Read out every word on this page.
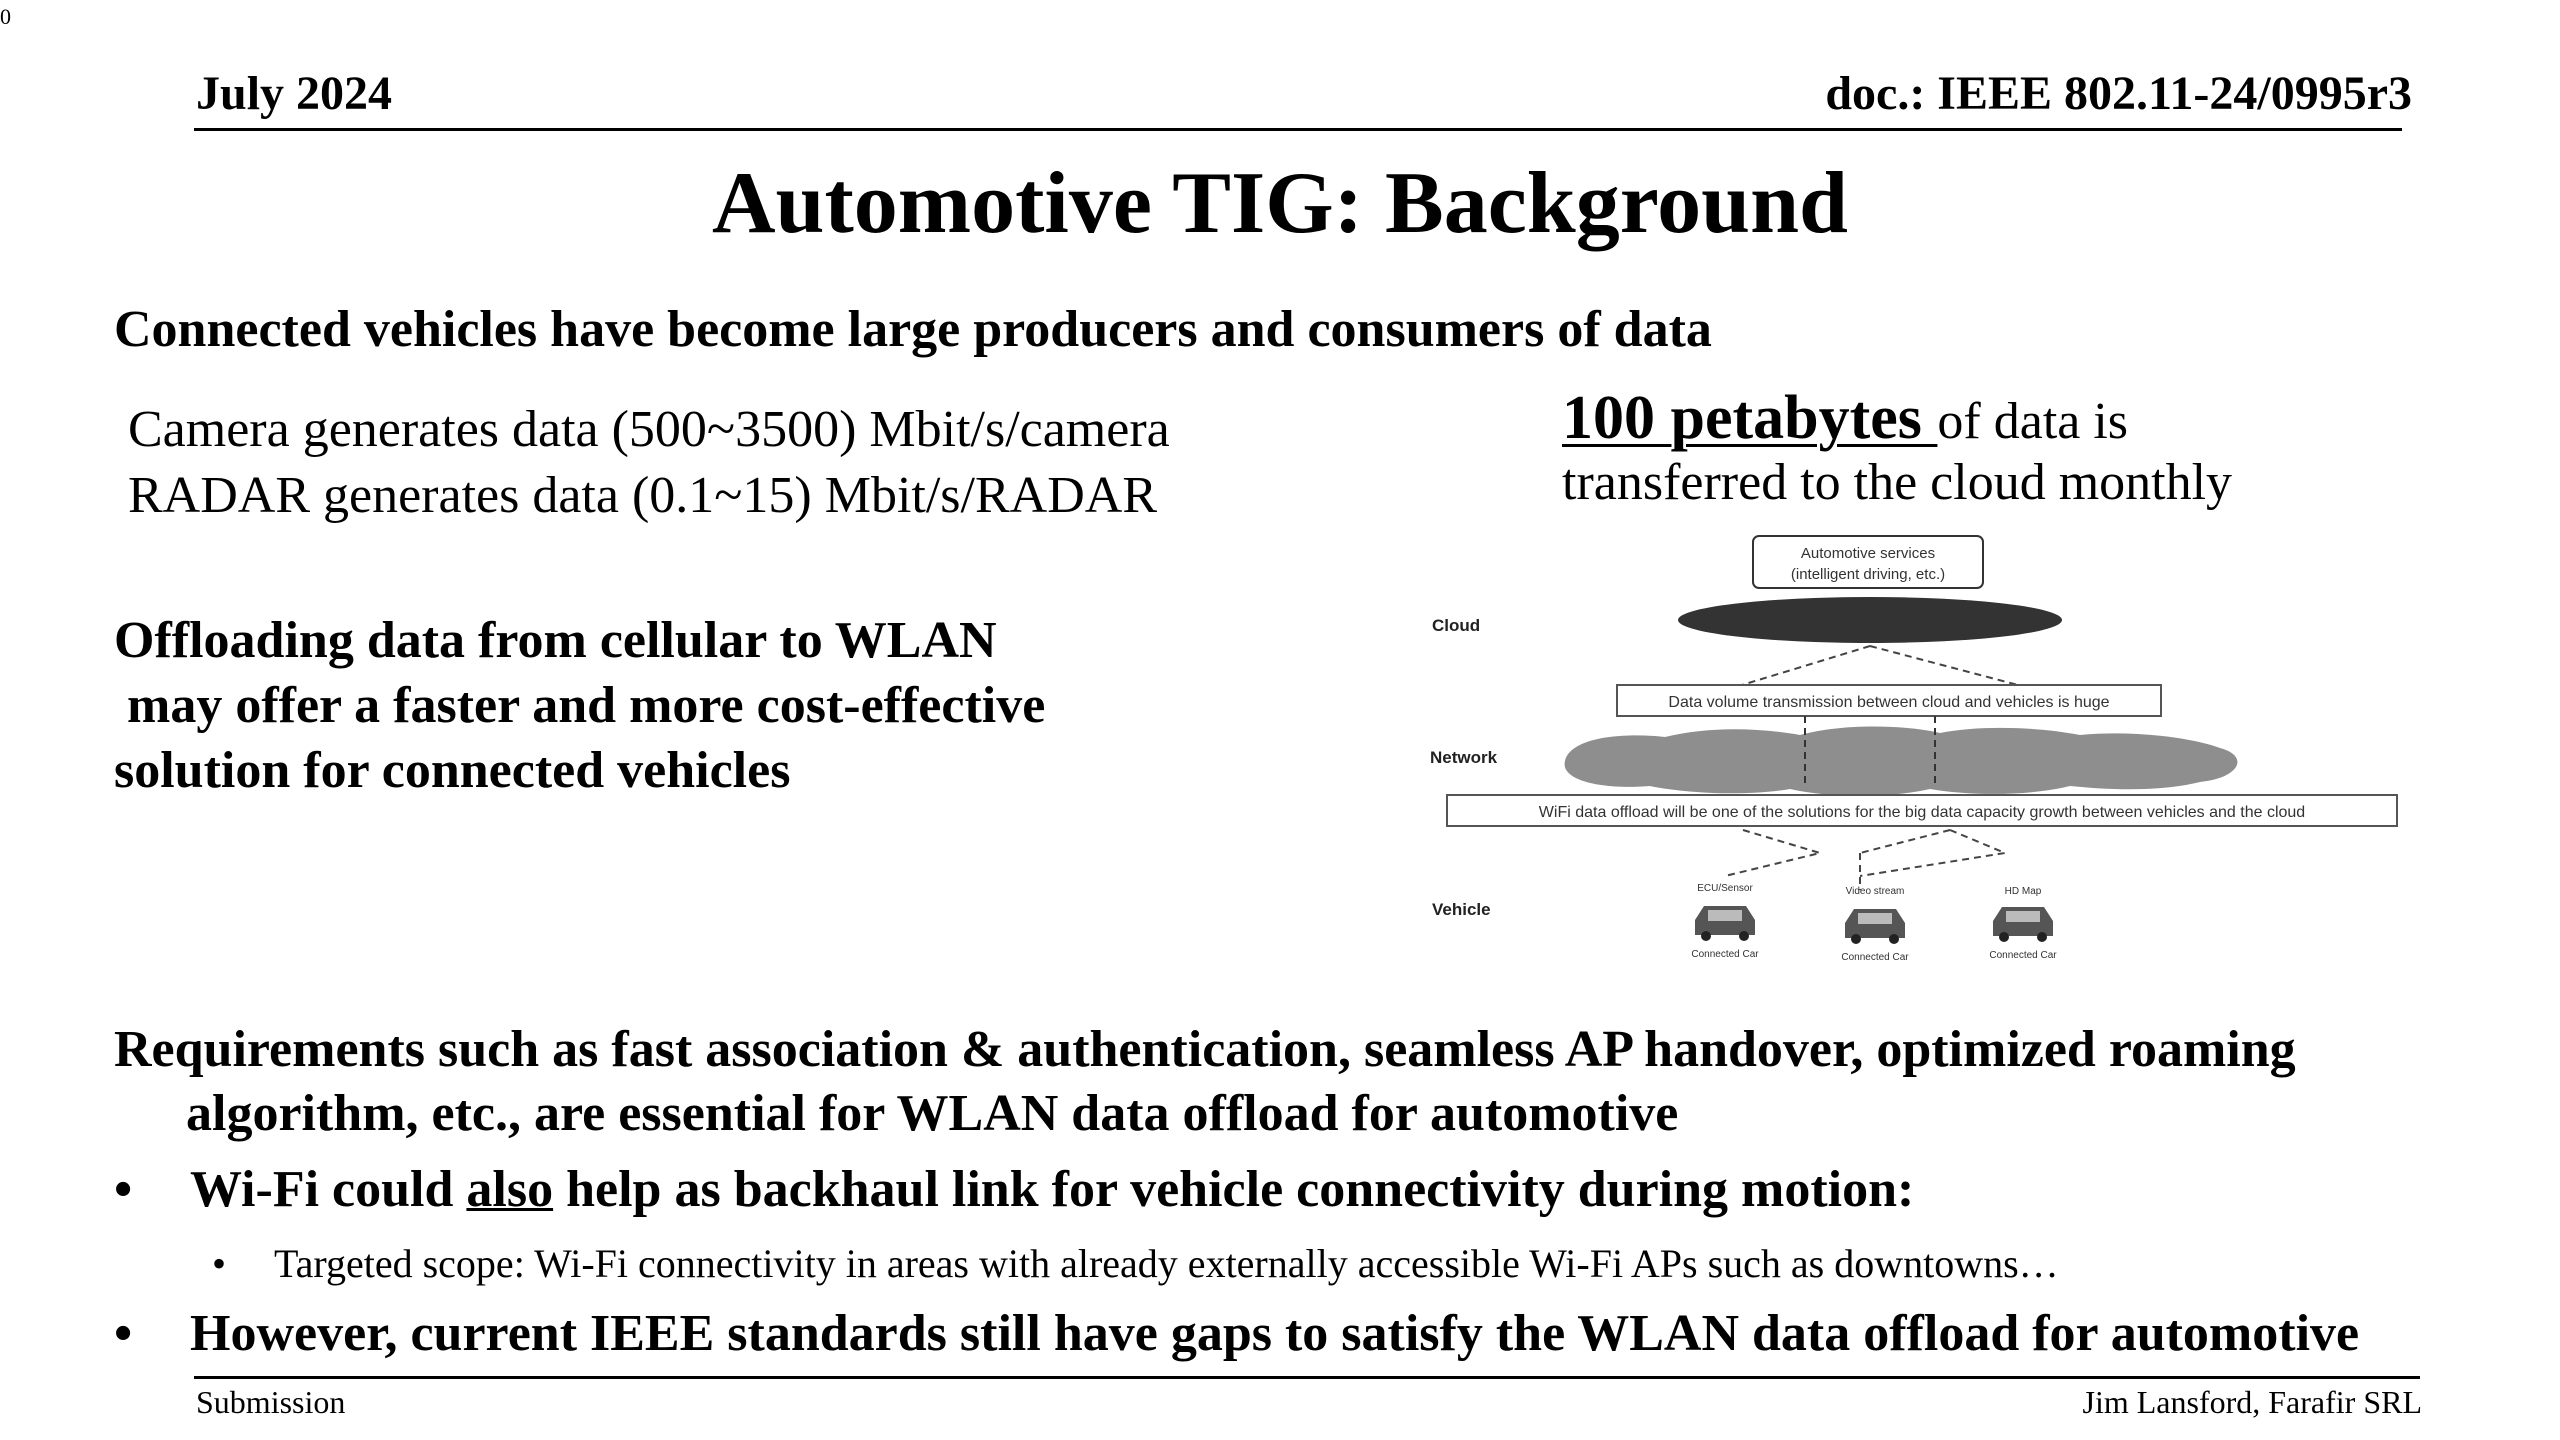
0
July 2024	doc.: IEEE 802.11-24/0995r3
Automotive TIG: Background
Connected vehicles have become large producers and consumers of data
Camera generates data (500~3500) Mbit/s/camera
RADAR generates data (0.1~15) Mbit/s/RADAR
Offloading data from cellular to WLAN
may offer a faster and more cost-effective
solution for connected vehicles
100 petabytes of data is
transferred to the cloud monthly
Automotive services
(intelligent driving, etc.)
Cloud
Data volume transmission between cloud and vehicles is huge
Network
WiFi data offload will be one of the solutions for the big data capacity growth between vehicles and the cloud
Vehicle
ECU/Sensor
Connected Car
Video stream
Connected Car
HD Map
Connected Car
Requirements such as fast association & authentication, seamless AP handover, optimized roaming
algorithm, etc., are essential for WLAN data offload for automotive
• Wi-Fi could also help as backhaul link for vehicle connectivity during motion:
• Targeted scope: Wi-Fi connectivity in areas with already externally accessible Wi-Fi APs such as downtowns…
• However, current IEEE standards still have gaps to satisfy the WLAN data offload for automotive
Submission	Jim Lansford, Farafir SRL
